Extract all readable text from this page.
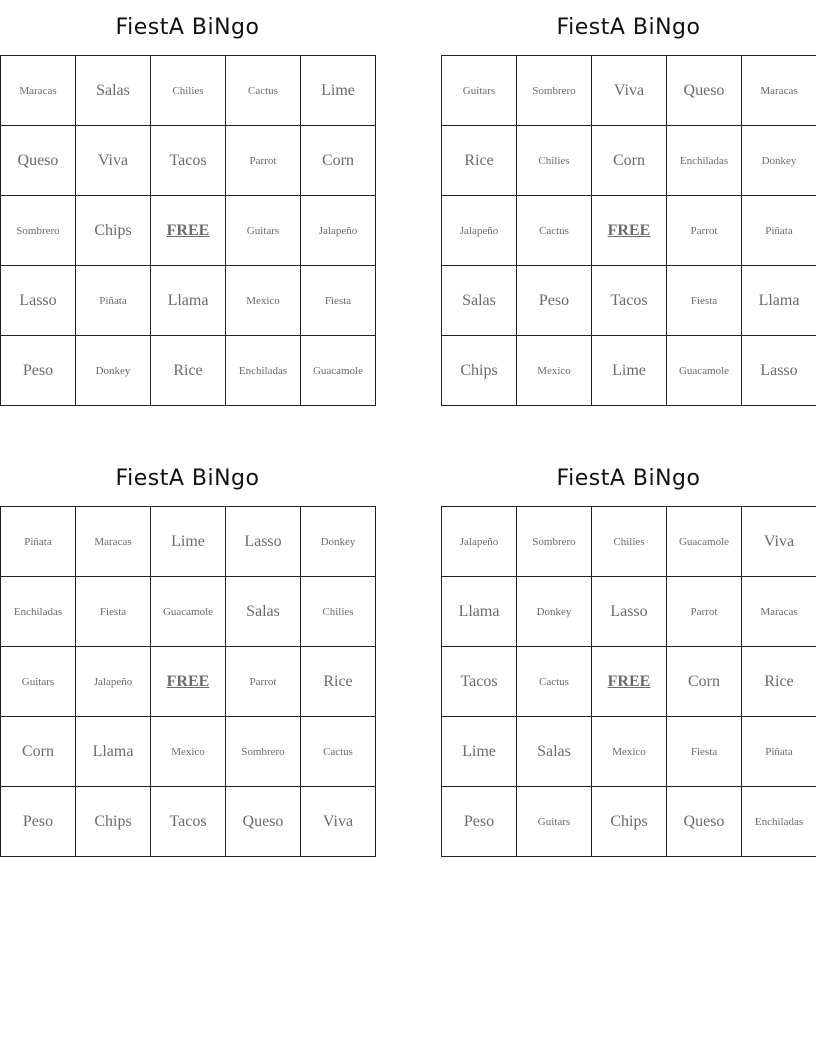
FiestA BiNgo
Maracas	Salas	Chilies	Cactus	Lime
Queso	Viva	Tacos	Parrot	Corn
Sombrero	Chips	FREE	Guitars	Jalapeño
Lasso	Piñata	Llama	Mexico	Fiesta
Peso	Donkey	Rice	Enchiladas	Guacamole
FiestA BiNgo
Guitars	Sombrero	Viva	Queso	Maracas
Rice	Chilies	Corn	Enchiladas	Donkey
Jalapeño	Cactus	FREE	Parrot	Piñata
Salas	Peso	Tacos	Fiesta	Llama
Chips	Mexico	Lime	Guacamole	Lasso
FiestA BiNgo
Piñata	Maracas	Lime	Lasso	Donkey
Enchiladas	Fiesta	Guacamole	Salas	Chilies
Guitars	Jalapeño	FREE	Parrot	Rice
Corn	Llama	Mexico	Sombrero	Cactus
Peso	Chips	Tacos	Queso	Viva
FiestA BiNgo
Jalapeño	Sombrero	Chilies	Guacamole	Viva
Llama	Donkey	Lasso	Parrot	Maracas
Tacos	Cactus	FREE	Corn	Rice
Lime	Salas	Mexico	Fiesta	Piñata
Peso	Guitars	Chips	Queso	Enchiladas
